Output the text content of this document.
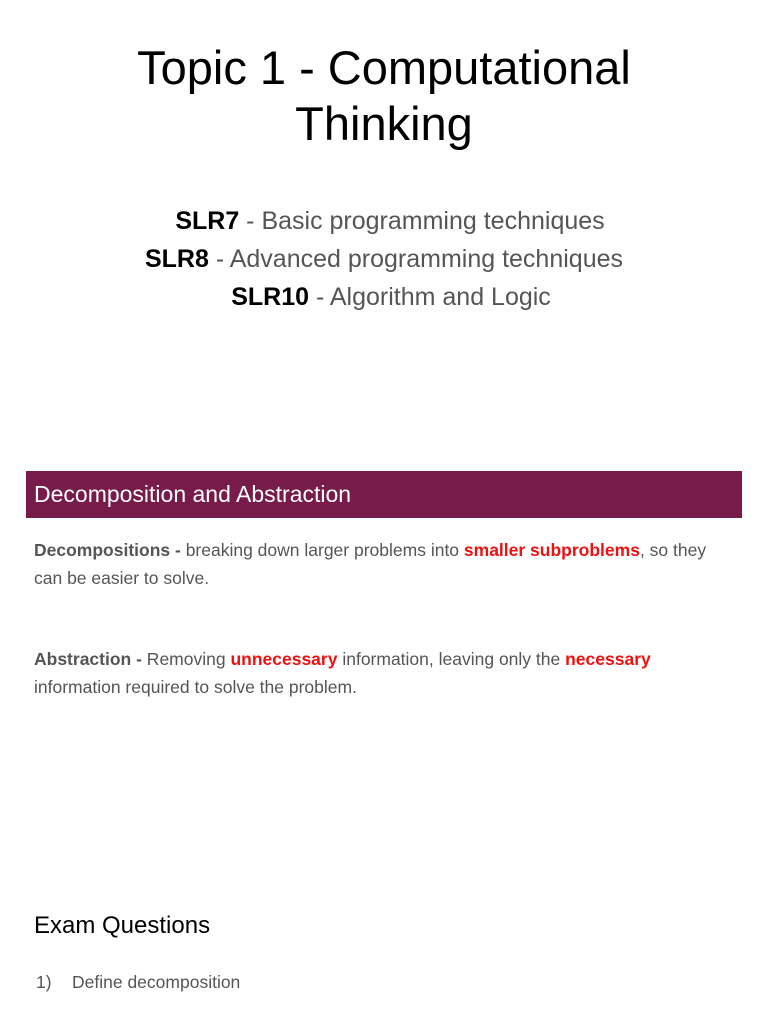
Topic 1 - Computational
Thinking
SLR7 - Basic programming techniques
SLR8 - Advanced programming techniques
SLR10 - Algorithm and Logic
Decomposition and Abstraction
Decompositions - breaking down larger problems into smaller subproblems, so they can be easier to solve.
Abstraction - Removing unnecessary information, leaving only the necessary information required to solve the problem.
Exam Questions
1) Define decomposition
